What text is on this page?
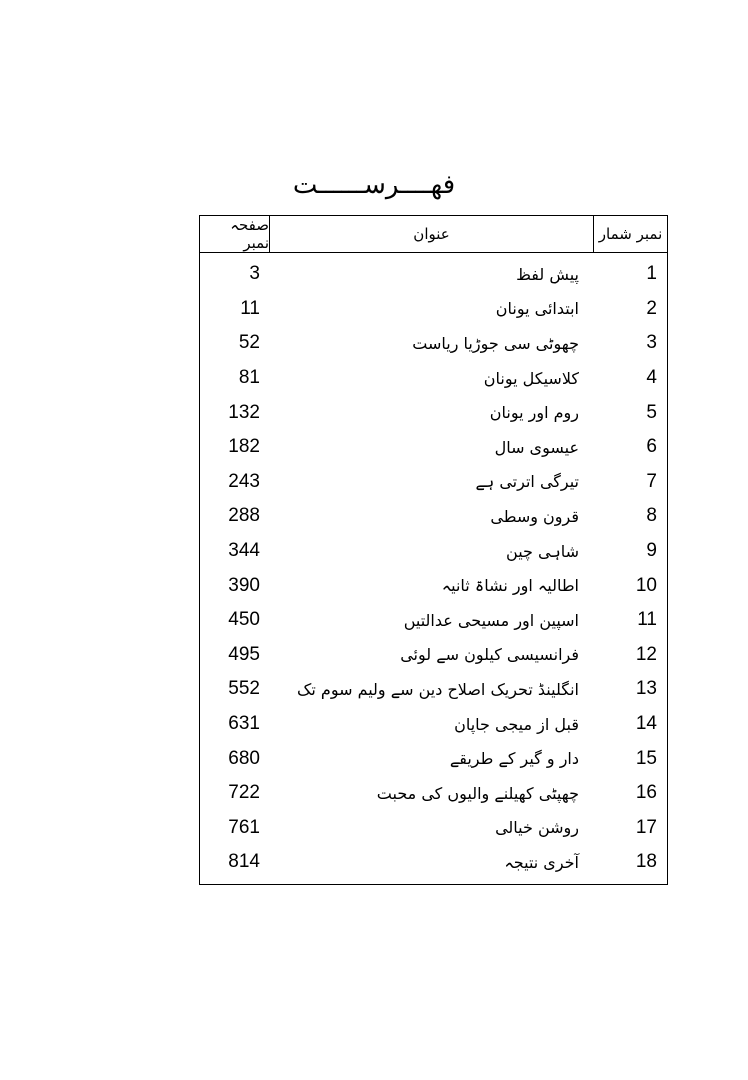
فھــــرســــــت
صفحہ نمبر	عنوان	نمبر شمار
3	پیش لفظ	1
11	ابتدائی یونان	2
52	چھوٹی سی جوڑیا ریاست	3
81	کلاسیکل یونان	4
132	روم اور یونان	5
182	عیسوی سال	6
243	تیرگی اترتی ہے	7
288	قرون وسطی	8
344	شاہی چین	9
390	اطالیہ اور نشاۃ ثانیہ	10
450	اسپین اور مسیحی عدالتیں	11
495	فرانسیسی کیلون سے لوئی	12
552	انگلینڈ تحریک اصلاح دین سے ولیم سوم تک	13
631	قبل از میجی جاپان	14
680	دار و گیر کے طریقے	15
722	چھپٹی کھیلنے والیوں کی محبت	16
761	روشن خیالی	17
814	آخری نتیجہ	18
